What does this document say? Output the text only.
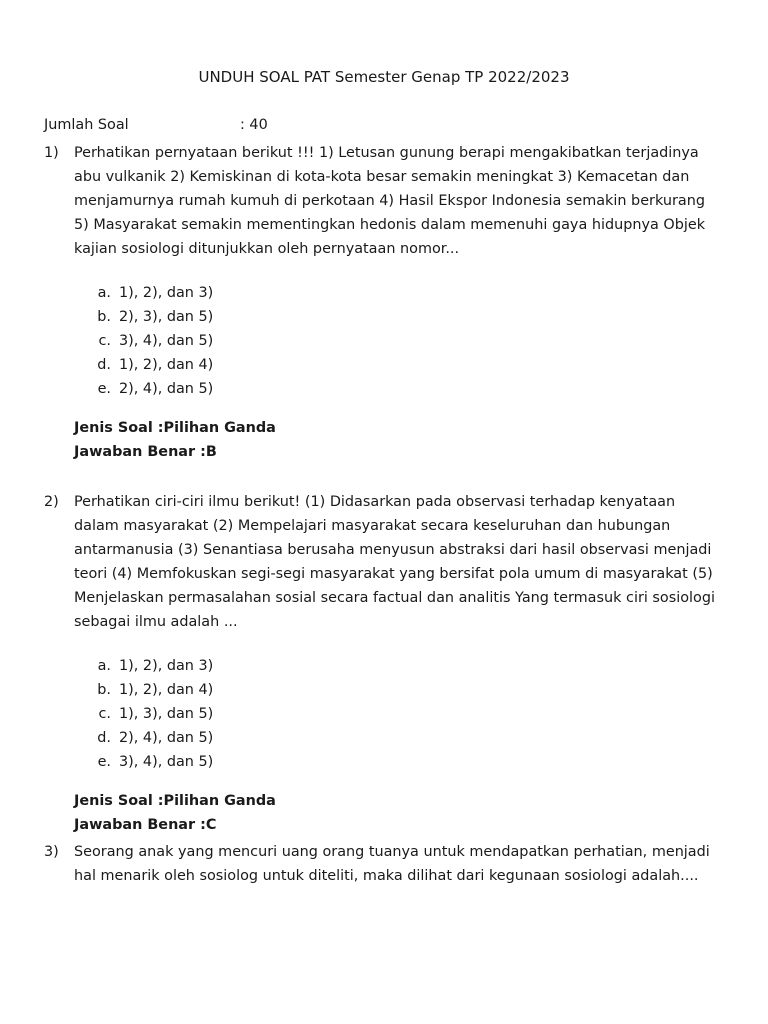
UNDUH SOAL PAT Semester Genap TP 2022/2023
Jumlah Soal	: 40
1) Perhatikan pernyataan berikut !!! 1) Letusan gunung berapi mengakibatkan terjadinya abu vulkanik 2) Kemiskinan di kota-kota besar semakin meningkat 3) Kemacetan dan menjamurnya rumah kumuh di perkotaan 4) Hasil Ekspor Indonesia semakin berkurang 5) Masyarakat semakin mementingkan hedonis dalam memenuhi gaya hidupnya Objek kajian sosiologi ditunjukkan oleh pernyataan nomor...
a. 1), 2), dan 3)
b. 2), 3), dan 5)
c. 3), 4), dan 5)
d. 1), 2), dan 4)
e. 2), 4), dan 5)
Jenis Soal :Pilihan Ganda
Jawaban Benar :B
2) Perhatikan ciri-ciri ilmu berikut! (1) Didasarkan pada observasi terhadap kenyataan dalam masyarakat (2) Mempelajari masyarakat secara keseluruhan dan hubungan antarmanusia (3) Senantiasa berusaha menyusun abstraksi dari hasil observasi menjadi teori (4) Memfokuskan segi-segi masyarakat yang bersifat pola umum di masyarakat (5) Menjelaskan permasalahan sosial secara factual dan analitis Yang termasuk ciri sosiologi sebagai ilmu adalah ...
a. 1), 2), dan 3)
b. 1), 2), dan 4)
c. 1), 3), dan 5)
d. 2), 4), dan 5)
e. 3), 4), dan 5)
Jenis Soal :Pilihan Ganda
Jawaban Benar :C
3) Seorang anak yang mencuri uang orang tuanya untuk mendapatkan perhatian, menjadi hal menarik oleh sosiolog untuk diteliti, maka dilihat dari kegunaan sosiologi adalah....
